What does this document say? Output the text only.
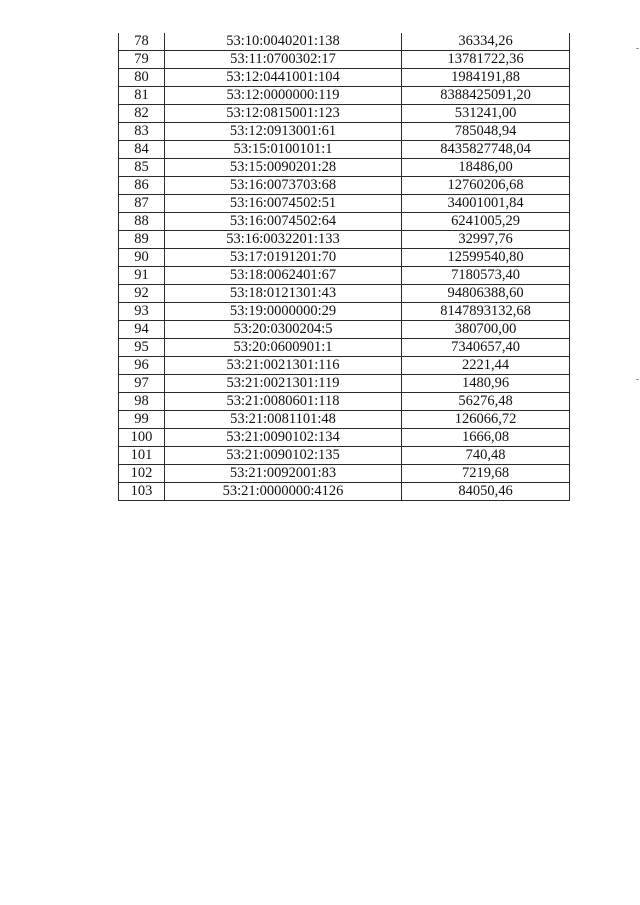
78	53:10:0040201:138	36334,26
79	53:11:0700302:17	13781722,36
80	53:12:0441001:104	1984191,88
81	53:12:0000000:119	8388425091,20
82	53:12:0815001:123	531241,00
83	53:12:0913001:61	785048,94
84	53:15:0100101:1	8435827748,04
85	53:15:0090201:28	18486,00
86	53:16:0073703:68	12760206,68
87	53:16:0074502:51	34001001,84
88	53:16:0074502:64	6241005,29
89	53:16:0032201:133	32997,76
90	53:17:0191201:70	12599540,80
91	53:18:0062401:67	7180573,40
92	53:18:0121301:43	94806388,60
93	53:19:0000000:29	8147893132,68
94	53:20:0300204:5	380700,00
95	53:20:0600901:1	7340657,40
96	53:21:0021301:116	2221,44
97	53:21:0021301:119	1480,96
98	53:21:0080601:118	56276,48
99	53:21:0081101:48	126066,72
100	53:21:0090102:134	1666,08
101	53:21:0090102:135	740,48
102	53:21:0092001:83	7219,68
103	53:21:0000000:4126	84050,46
